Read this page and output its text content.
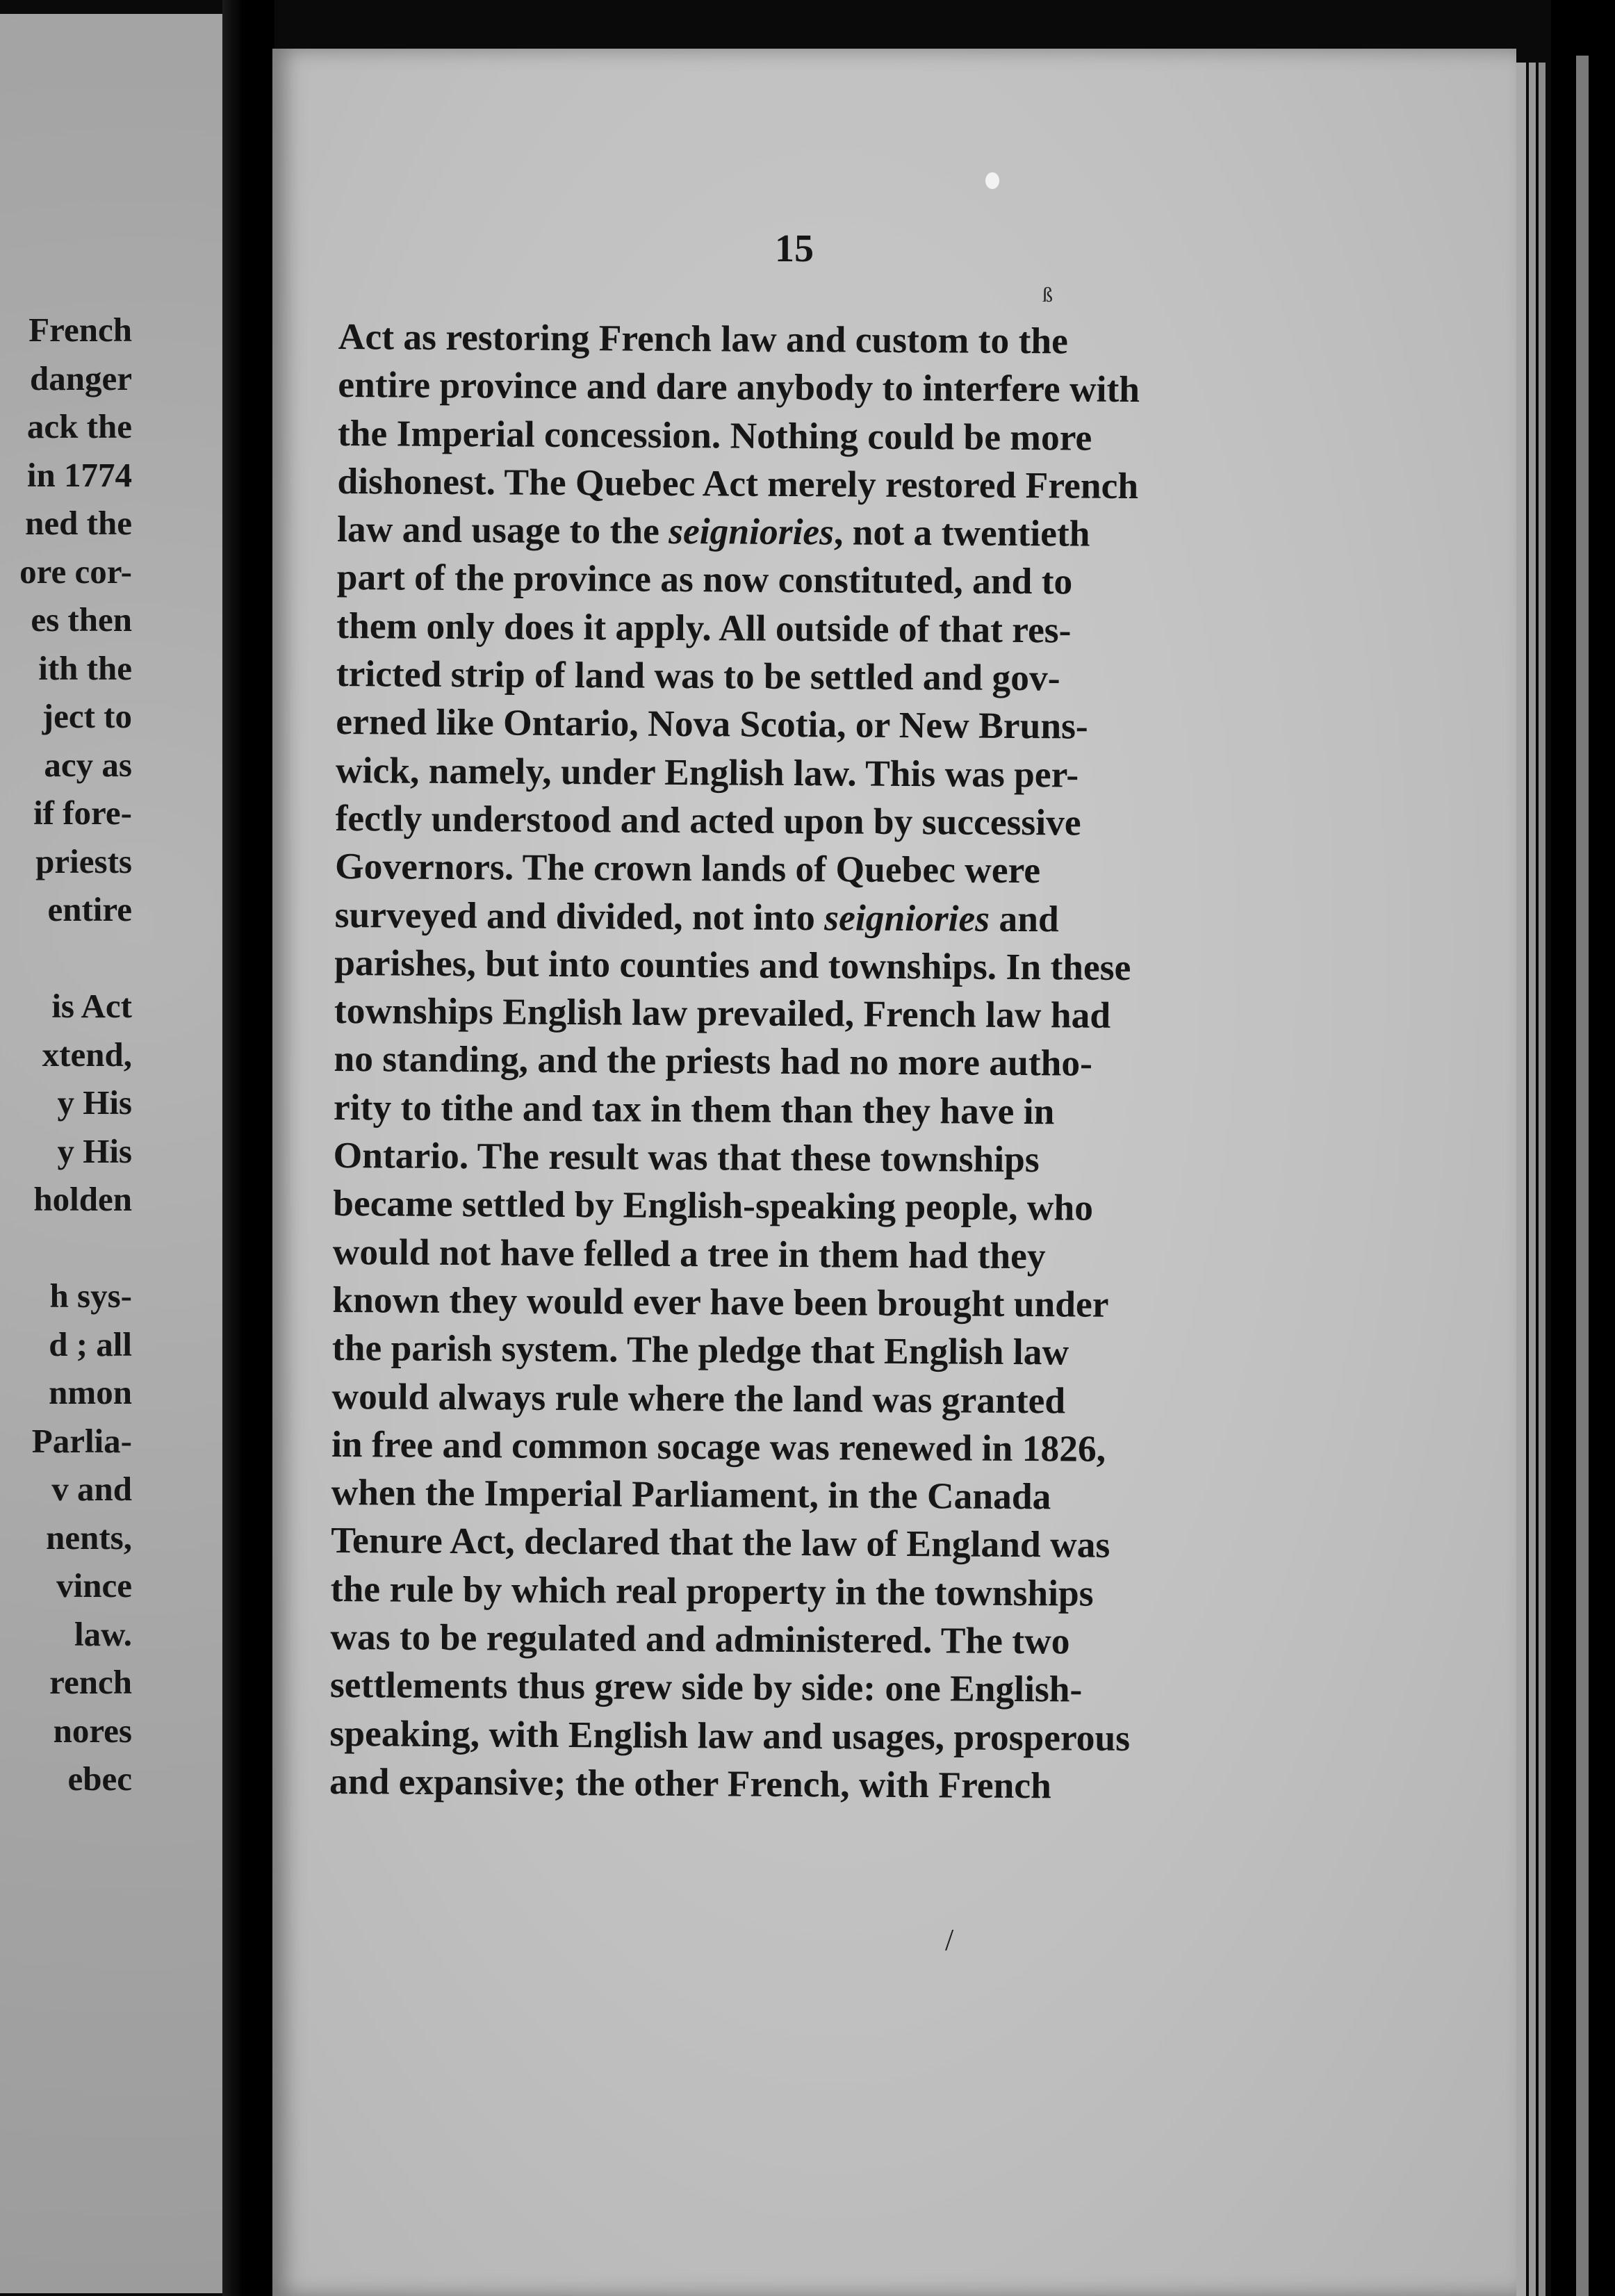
French
danger
ack the
in 1774
ned the
ore cor-
es then
ith the
ject to
acy as
if fore-
priests
entire
is Act
xtend,
y His
y His
holden
h sys-
d ; all
nmon
Parlia-
v and
nents,
vince
law.
rench
nores
ebec
15
Act as restoring French law and custom to the
entire province and dare anybody to interfere with
the Imperial concession. Nothing could be more
dishonest. The Quebec Act merely restored French
law and usage to the seigniories, not a twentieth
part of the province as now constituted, and to
them only does it apply. All outside of that res-
tricted strip of land was to be settled and gov-
erned like Ontario, Nova Scotia, or New Bruns-
wick, namely, under English law. This was per-
fectly understood and acted upon by successive
Governors. The crown lands of Quebec were
surveyed and divided, not into seigniories and
parishes, but into counties and townships. In these
townships English law prevailed, French law had
no standing, and the priests had no more autho-
rity to tithe and tax in them than they have in
Ontario. The result was that these townships
became settled by English-speaking people, who
would not have felled a tree in them had they
known they would ever have been brought under
the parish system. The pledge that English law
would always rule where the land was granted
in free and common socage was renewed in 1826,
when the Imperial Parliament, in the Canada
Tenure Act, declared that the law of England was
the rule by which real property in the townships
was to be regulated and administered. The two
settlements thus grew side by side: one English-
speaking, with English law and usages, prosperous
and expansive; the other French, with French
ß
/
